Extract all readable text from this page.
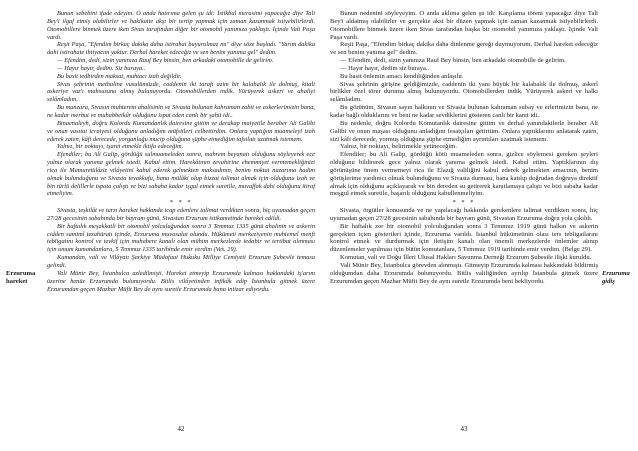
Bunun sebebini ifade edeyim. O anda hatırıma gelen şu idi: İstikbal merasimi yapacağız diye Tali Bey'i ilgaf etmiş olabilirler ve hakikatte akşı bir tertip yapmak için zaman kazanmak istiyebilirlerdi. Otomobillere binmek üzere iken Sivas tarafından diğer bir otomobil yanımıza yaklaştı. İçinde Vali Paşa vardı.

Reşit Paşa, "Efendim birkaç dakika daha istirahat buyurulmaz mı" diye söze başladı. "Yarım dakika dahi istirahate ihtiyacım yoktur. Derhal hareket edeceğiz ve sen benim yanıma gel" dedim.

— Efendim, dedi, sizin yanınıza Rauf Bey binsin, ben arkadaki otomobille de gelirim.

— Hayır hayır, dedim. Siz buraya..

Bu basit tedbirden maksat, muhtacı izah değildir.

Sivas şehrinin methaline vusulümüzde, caddenin iki tarafı azim bir kalabalık ile dolmuş, kitali askeriye vaz'ı mahsusunu almış bulunuyordu. Otomobillerden indik. Yürüyerek askeri ve ahaliyi selâmladım.

Bu manzara, Sivasın muhterem ahalisinin ve Sivasta bulunan kahraman zabit ve askerlerimizin bana, ne kadar merbut ve muhabbetkâr olduğunu ispat eden canlı bir şahit idi..

Binaenaleyh, doğru Kolordu Kumandanlık dairesine gittim ve derakap maiyetile beraber Ali Galibi ve onun vasıtai icraiyesi olduğunu anladığım müfsitleri celbettirdim. Onlara yaptığım muameleyi izah ederek zaten, kâfi derecede, yorgunluğu mucip olduğuna şüphe etmediğim tafsilatı uzatmak istemem.

Yalnız, bir noktayı, işaret etmekle iktifa edeceğim.

Efendiler; bu Ali Galip, gördüğü sulmuameleden sonra, mahrem beyanatı olduğunu söyleyerek ece yalnız olarak yanıma gelmek istedi. Kabul ettim. Harekâtının zevahirine ehemmiyet vermemekliğinizi rica ile Mamuretülâziz vilâyetini kabul ederek gelmekten maksadının, benim noktai nazarıma hadim olmak bulunduğunu ve Sivasta tevakkufu, bana mülâki olup bizzat talimat almak için olduğunu izah ve bin türlü delillerle ispata çalıştı ve bizi sabaha kadar işgal etmek suretile, muvaffak dahi olduğunu itiraf etmeliyim.

* * *

Sivasta, teşkilât ve tarzı hareket hakkında icap edenlere talimat verdikten sonra, hiç uyumadan geçen 27/28 gecesinin sabahında bir bayram günü, Sivastan Erzurum istikametinde hareket edildi.

Bir haftalık meşakkatli bir otomobil yolculuğundan sonra 3 Temmuz 1335 günü ahalinin ve askerin cidden samimî tezahüratı içinde, Erzuruma muvasalat olundu. Hükümeti merkeziyenin muhtemel menfi tebligatını kontrol ve tevkif için muhabere kanalı olan mühim merkezlerde tedabir ve tertibat alınması için umum kumandanlara, 5 Temmuz 1335 tarihinde emir verdim (Ves. 29).

Kumandan, vali ve Vilâyatı Şarkiye Müdafaai Hukuku Milliye Cemiyeti Erzurum Şubesile temasa gelindi.

Vali Münir Bey, İstanbulca azledilmişti. Hareket etmeyip Erzurumda kalması hakkındaki iş'arım üzerine henüz Erzurumda bulunuyordu. Bitlis vilâyetinden infikâk edip İstanbula gitmek üzere Erzurumdan geçen Mazhar Müfit Bey de aynı suretle Erzurumda bana intizar ediyordu.

Erzuruma hareket

Bunun nedenini söyleyeyim. O anda aklıma gelen şu idi: Karşılama töreni yapacağız diye Tali Bey'i aldatmış olabilirler ve gerçekte aksi bir düzen yapmak için zaman kazanmak istiyebilirlerdi. Otomobillere binmek üzere iken Sivas tarafından başka bir otomobil yanımıza yaklaştı. İçinde Vali Paşa vardı.

Reşit Paşa, "Efendim birkaç dakika daha dinlenme gereği duymuyorum. Derhal hareket edeceğiz ve sen benim yanıma gel" dedim.

— Efendim, dedi, sizin yanınıza Rauf Bey binsin, ben arkadaki otomobille de gelirim.

— Hayır hayır, dedim siz buraya..

Bu basit önlemin amacı kendiliğinden anlaşılır.

Sivas şehrinin girişine geldiğimizde, caddenin iki yanı büyük bir kalabalık ile dolmuş, askerî birlikler özel törer durumu almış bulunuyordu. Otomobillerden indik. Yürüyerek askeri ve halkı selâmladım.

Bu görünüm, Sivasın sayın halkının ve Sivasta bulunan kahraman subay ve erlerimizin bana, ne kadar bağlı olduklarını ve beni ne kadar sevdiklerini gösteren canlı bir kanıt idi..

Bu nedenle, doğru Kolordu Komutanlık dairesine gittim ve derhal yanındakilerle beraber Ali Galibi ve onun maşası olduğunu anladığım fesatçıları getirttim. Onlara yaptıklarımı anlatarak zaten, sizi kâfi derecede, yormuş olduğuna şüphe etmediğim ayrıntıları uzatmak istemem.

Yalnız, bir noktayı, belirtmekle yetineceğim.

Efendiler; bu Ali Galip, gördüğü kötü muameleden sonra, gizlice söylemesi gereken şeyleri olduğunu bildirerek gece yalnız olarak yanıma gelmek istedi. Kabul ettim. Yaptıklarının dış görünüşüne önem vermemeyi rica ile Elazığ valiliğini kabul ederek gelmekten amacının, benim görüşlerime yardımcı olmak bulunduğunu ve Sivasta durması, bana katılıp doğrudan doğruya direktif almak için olduğunu açıklayarak ve bin dereden su getirerek kanıtlamaya çalıştı ve bizi sabaha kadar meşgul etmek suretile, başarılı olduğunu kabullenmeliyim.

* * *

Sivasta, örgütler konusunda ve ne yapılacağı hakkında gerekenlere talimat verdikten sonra, hiç uyumadan geçen 27/28 gecesinin sabahında bir bayram günü, Sivastan Erzuruma doğru yola çıkıldı.

Bir haftalık zor bir otomobil yolculuğundan sonra 3 Temmuz 1919 günü halkın ve askerin gerçekten içten gösterileri içinde, Erzuruma varıldı. İstanbul hükümetinin olası ters tebligatlarını kontrol etmek ve durdurmak için iletişim kanalı olan önemli merkezlerde önlemler alınıp düzenlemeler yapılması için bütün komutanlara, 5 Temmuz 1919 tarihinde emir verdim. (Belge 29).

Komutan, vali ve Doğu İlleri Ulusal Hakları Savunma Derneği Erzurum Şubesile ilişki kuruldu.

Vali Münir Bey, İstanbulca görevden alınmıştı. Gitmeyip Erzurumda kalması hakkındaki bildirmiş olduğumdan daha Erzurumda bulunuyordu. Bitlis valiliğinden ayrılıp İstanbula gitmek üzere Erzurumdan geçen Mazhar Müfit Bey de aynı suretle Erzurumda beni bekliyordu.

Erzuruma gidiş
42	43
